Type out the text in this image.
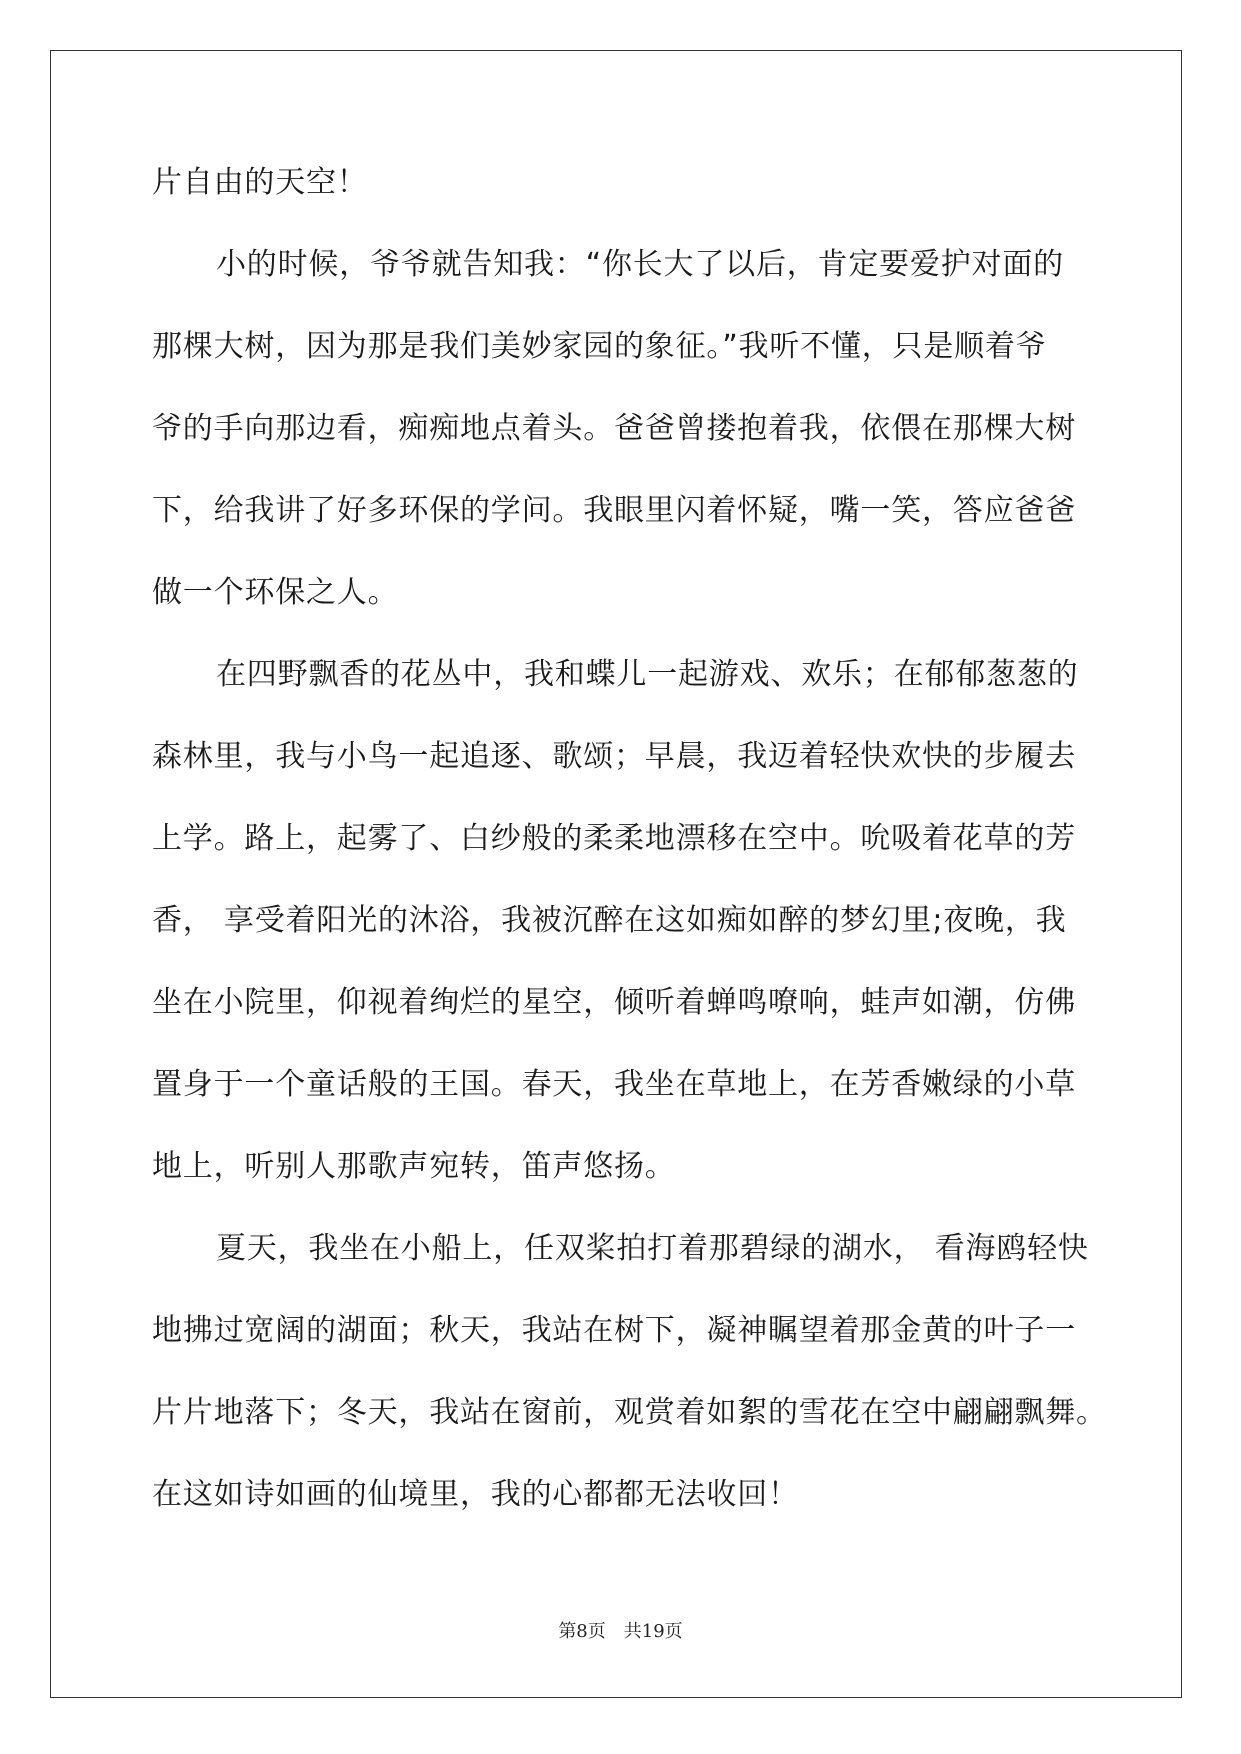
片自由的天空！
小的时候，爷爷就告知我：“你长大了以后，肯定要爱护对面的
那棵大树，因为那是我们美妙家园的象征。”我听不懂，只是顺着爷
爷的手向那边看，痴痴地点着头。爸爸曾搂抱着我，依偎在那棵大树
下，给我讲了好多环保的学问。我眼里闪着怀疑，嘴一笑，答应爸爸
做一个环保之人。
在四野飘香的花丛中，我和蝶儿一起游戏、欢乐；在郁郁葱葱的
森林里，我与小鸟一起追逐、歌颂；早晨，我迈着轻快欢快的步履去
上学。路上，起雾了、白纱般的柔柔地漂移在空中。吮吸着花草的芳
香， 享受着阳光的沐浴，我被沉醉在这如痴如醉的梦幻里;夜晚，我
坐在小院里，仰视着绚烂的星空，倾听着蝉鸣嘹响，蛙声如潮，仿佛
置身于一个童话般的王国。春天，我坐在草地上，在芳香嫩绿的小草
地上，听别人那歌声宛转，笛声悠扬。
夏天，我坐在小船上，任双桨拍打着那碧绿的湖水， 看海鸥轻快
地拂过宽阔的湖面；秋天，我站在树下，凝神瞩望着那金黄的叶子一
片片地落下；冬天，我站在窗前，观赏着如絮的雪花在空中翩翩飘舞。
在这如诗如画的仙境里，我的心都都无法收回！
第8页 共19页
